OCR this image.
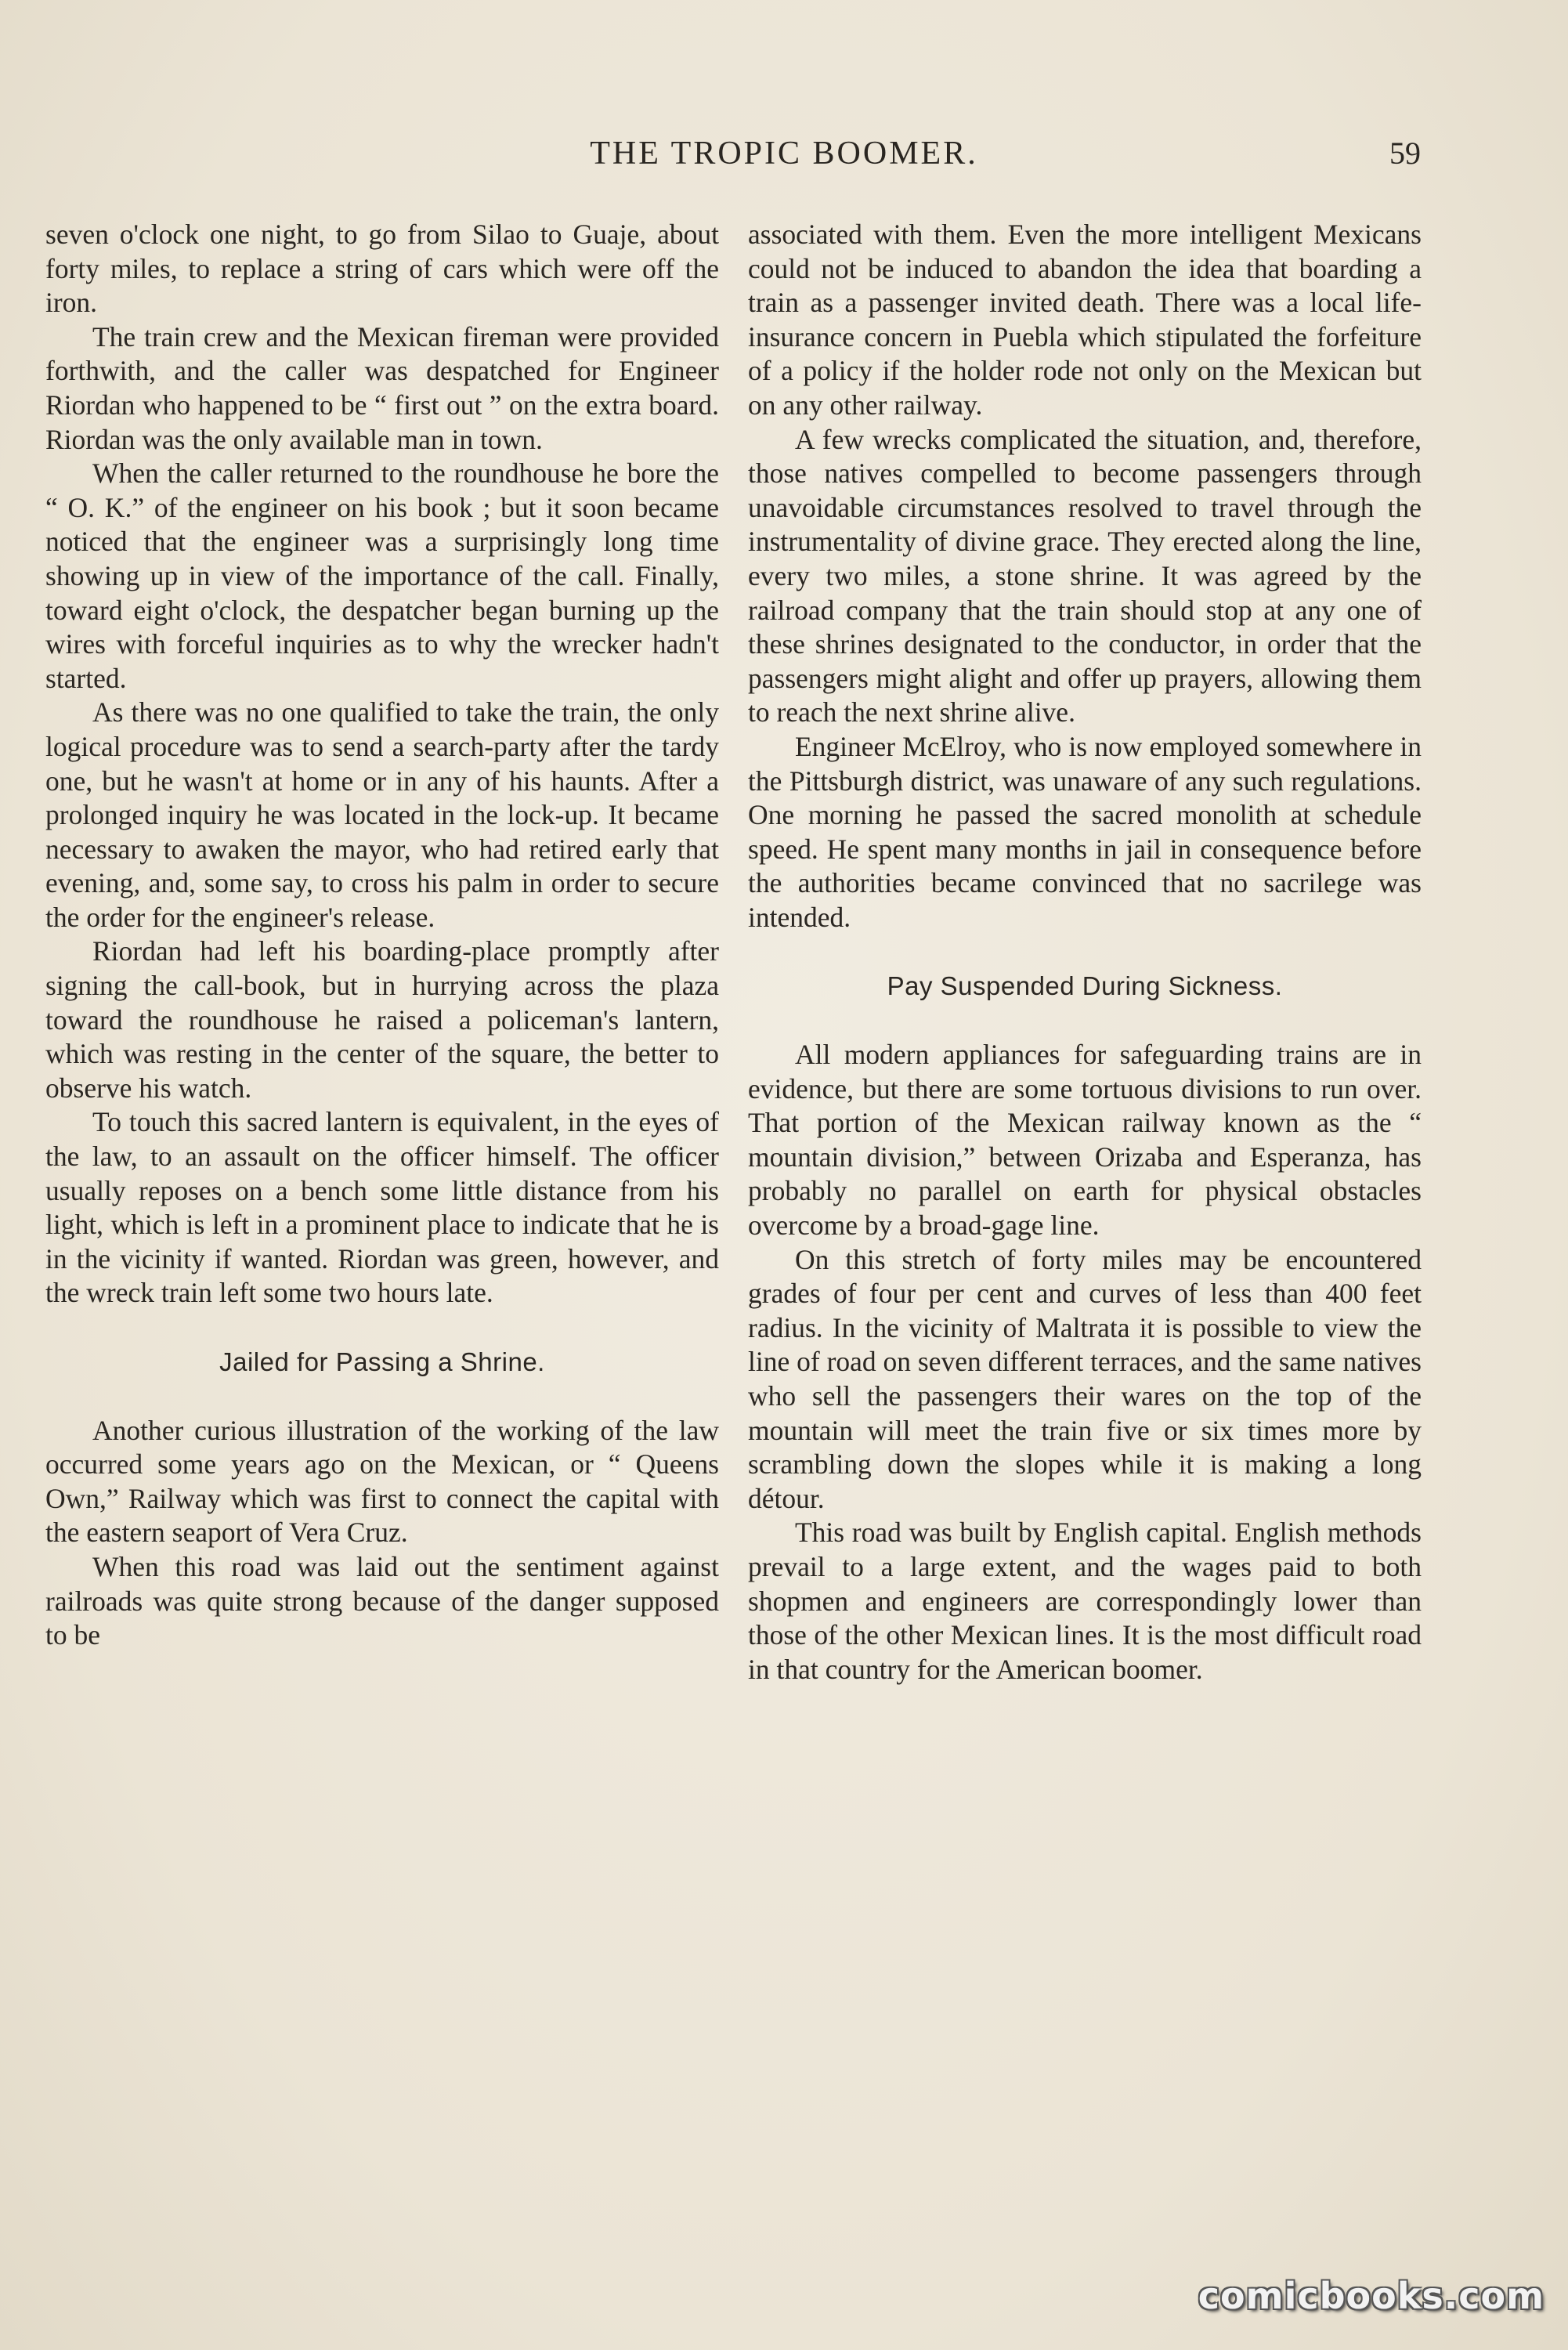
THE TROPIC BOOMER.	59

seven o'clock one night, to go from Silao to Guaje, about forty miles, to replace a string of cars which were off the iron.

The train crew and the Mexican fireman were provided forthwith, and the caller was despatched for Engineer Riordan who happened to be “ first out ” on the extra board. Riordan was the only available man in town.

When the caller returned to the roundhouse he bore the “ O. K.” of the engineer on his book ; but it soon became noticed that the engineer was a surprisingly long time showing up in view of the importance of the call. Finally, toward eight o'clock, the despatcher began burning up the wires with forceful inquiries as to why the wrecker hadn't started.

As there was no one qualified to take the train, the only logical procedure was to send a search-party after the tardy one, but he wasn't at home or in any of his haunts. After a prolonged inquiry he was located in the lock-up. It became necessary to awaken the mayor, who had retired early that evening, and, some say, to cross his palm in order to secure the order for the engineer's release.

Riordan had left his boarding-place promptly after signing the call-book, but in hurrying across the plaza toward the roundhouse he raised a policeman's lantern, which was resting in the center of the square, the better to observe his watch.

To touch this sacred lantern is equivalent, in the eyes of the law, to an assault on the officer himself. The officer usually reposes on a bench some little distance from his light, which is left in a prominent place to indicate that he is in the vicinity if wanted. Riordan was green, however, and the wreck train left some two hours late.

Jailed for Passing a Shrine.

Another curious illustration of the working of the law occurred some years ago on the Mexican, or “ Queens Own,” Railway which was first to connect the capital with the eastern seaport of Vera Cruz.

When this road was laid out the sentiment against railroads was quite strong because of the danger supposed to be

associated with them. Even the more intelligent Mexicans could not be induced to abandon the idea that boarding a train as a passenger invited death. There was a local life-insurance concern in Puebla which stipulated the forfeiture of a policy if the holder rode not only on the Mexican but on any other railway.

A few wrecks complicated the situation, and, therefore, those natives compelled to become passengers through unavoidable circumstances resolved to travel through the instrumentality of divine grace. They erected along the line, every two miles, a stone shrine. It was agreed by the railroad company that the train should stop at any one of these shrines designated to the conductor, in order that the passengers might alight and offer up prayers, allowing them to reach the next shrine alive.

Engineer McElroy, who is now employed somewhere in the Pittsburgh district, was unaware of any such regulations. One morning he passed the sacred monolith at schedule speed. He spent many months in jail in consequence before the authorities became convinced that no sacrilege was intended.

Pay Suspended During Sickness.

All modern appliances for safeguarding trains are in evidence, but there are some tortuous divisions to run over. That portion of the Mexican railway known as the “ mountain division,” between Orizaba and Esperanza, has probably no parallel on earth for physical obstacles overcome by a broad-gage line.

On this stretch of forty miles may be encountered grades of four per cent and curves of less than 400 feet radius. In the vicinity of Maltrata it is possible to view the line of road on seven different terraces, and the same natives who sell the passengers their wares on the top of the mountain will meet the train five or six times more by scrambling down the slopes while it is making a long détour.

This road was built by English capital. English methods prevail to a large extent, and the wages paid to both shopmen and engineers are correspondingly lower than those of the other Mexican lines. It is the most difficult road in that country for the American boomer.

comicbooks.com
